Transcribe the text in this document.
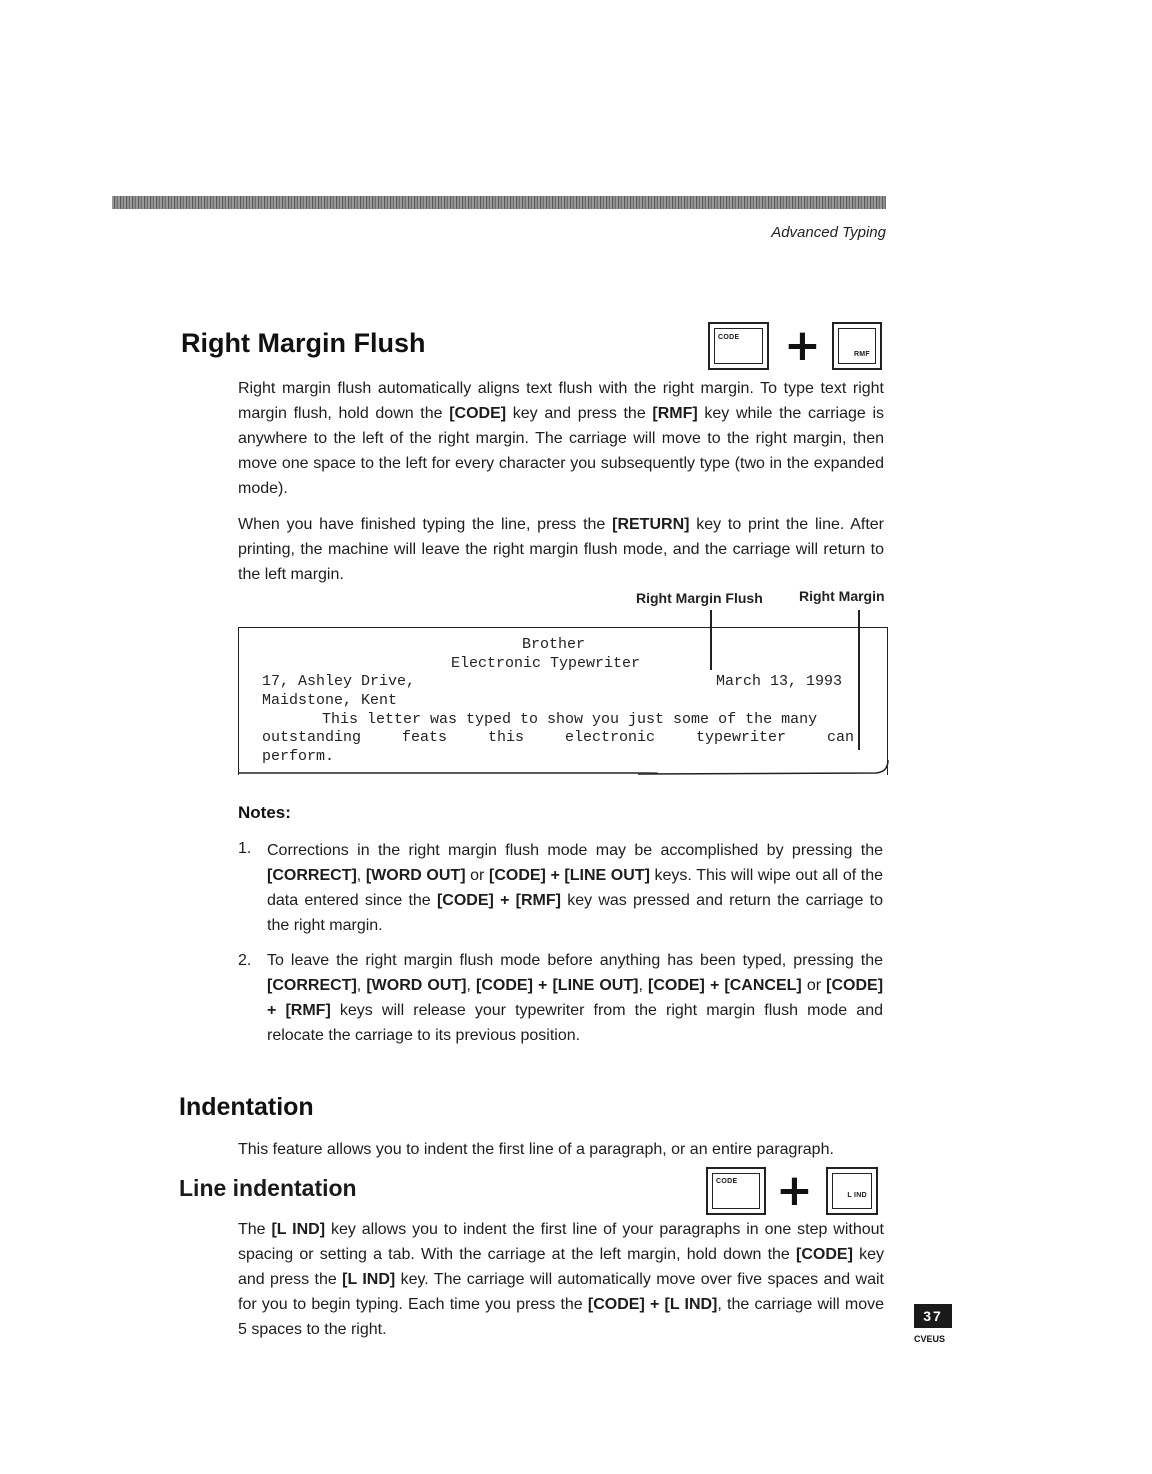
Advanced Typing
Right Margin Flush	CODE +	RMF

Right margin flush automatically aligns text flush with the right margin. To type text right margin flush, hold down the [CODE] key and press the [RMF] key while the carriage is anywhere to the left of the right margin. The carriage will move to the right margin, then move one space to the left for every character you subsequently type (two in the expanded mode).

When you have finished typing the line, press the [RETURN] key to print the line. After printing, the machine will leave the right margin flush mode, and the carriage will return to the left margin.

Right Margin Flush	Right Margin
Brother
Electronic Typewriter
17, Ashley Drive,	March 13, 1993
Maidstone, Kent
This letter was typed to show you just some of the many
outstanding feats this electronic typewriter can
perform.
Notes:
1. Corrections in the right margin flush mode may be accomplished by pressing the [CORRECT], [WORD OUT] or [CODE] + [LINE OUT] keys. This will wipe out all of the data entered since the [CODE] + [RMF] key was pressed and return the carriage to the right margin.

2. To leave the right margin flush mode before anything has been typed, pressing the [CORRECT], [WORD OUT], [CODE] + [LINE OUT], [CODE] + [CANCEL] or [CODE] + [RMF] keys will release your typewriter from the right margin flush mode and relocate the carriage to its previous position.

Indentation

This feature allows you to indent the first line of a paragraph, or an entire paragraph.

Line indentation	CODE +	L IND

The [L IND] key allows you to indent the first line of your paragraphs in one step without spacing or setting a tab. With the carriage at the left margin, hold down the [CODE] key and press the [L IND] key. The carriage will automatically move over five spaces and wait for you to begin typing. Each time you press the [CODE] + [L IND], the carriage will move 5 spaces to the right.

37
CVEUS
